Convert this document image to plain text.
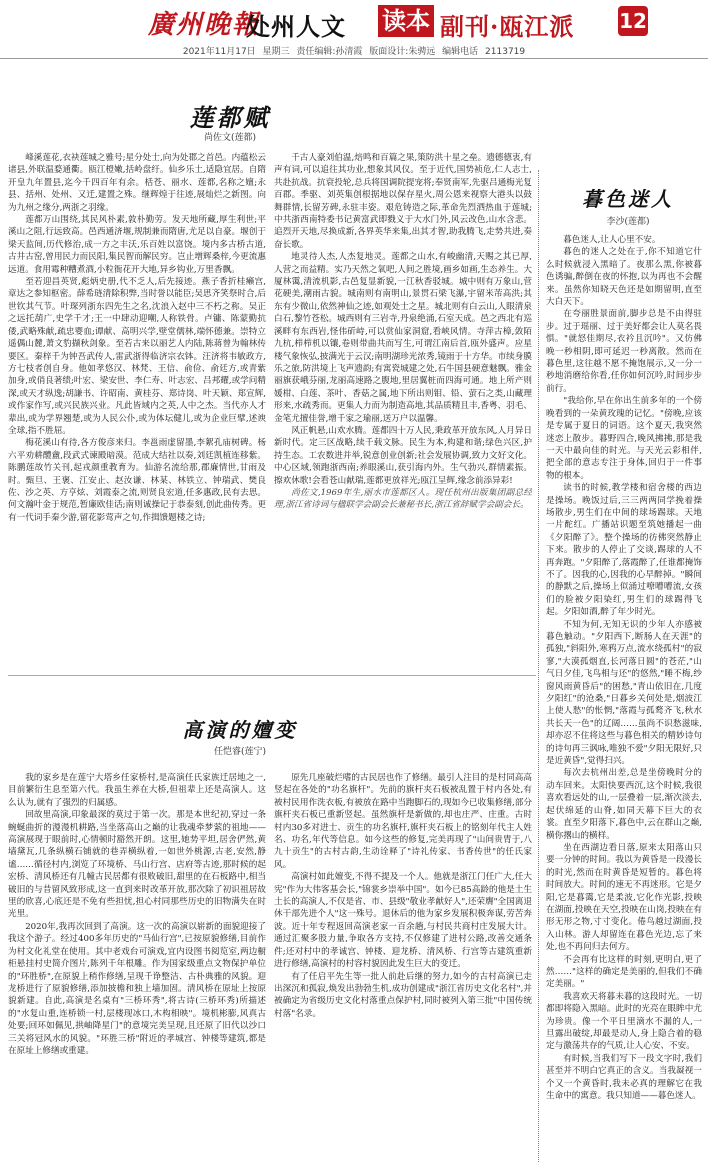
廣州晚報
处州人文 读本 副刊·瓯江派 12
2021年11月17日 星期三 责任编辑:孙清霞 版面设计:朱骋远 编辑电话 2113719
莲都赋
尚佐文(莲都)

峰溪莲花,衣袂莲城之雅号;星分处士,向为处郡之首邑。内蕴松云诸县,外联温婺通衢。瓯江橙嫩,括岭盘纡。仙乡乐土,适隐宜居。自隋开皇九年置县,迄今千四百年有余。栝苍、丽水、莲都,名称之嬗;永县、括州、处州、又迁,建置之殊。继辉煌于往迹,展灿烂之新图。向为九州之缘分,两浙之羽缘。

莲都万山围绕,其民风朴素,敦朴勤劳。发天地所藏,厚生利世;平溪山之阻,行远致高。邑西通济堰,规制兼而隋唐,尤足以自豪。堰创于梁天监间,历代修治,成一方之丰沃,乐百姓以富饶。境内多古桥古道,古井古窑,曾用民力而民阳,集民智而解民穷。岂止增辉桑梓,今更流惠远道。食用霉种糟煮酒,小粒衙花开大地,异乡钩业,万里香飘。

至若迎昌英贤,彪炳史册,代不乏人,后先接迹。燕子香折桂癞宫,章达之参知枢密。薛希琏清除积弊,当时誉以能臣;吴思齐笑祭时合,后世钦其气节。叶琛列浙东四先生之名,沈浪入赵中三不朽之称。吴正之远托葫广,史学千才;王一中肆动迎嘲,人称铁骨。卢镛、陈蒙勤抗倭,武略殊献,疏忠婴血;谭献、高明兴学,壁堂儒林,端怀德兼。崇特立遥偶山麓,萧文豹撷秋剑象。至若古来以丽艺人内陆,陈蒋曾为翰林传要区。秦梓千为钟吾武传人,雷武浙得临济宗衣钵。汪济将韦敏政方,方七枝者创自身。他如孝悠汉、林梵、王信、俞俭、俞廷方,或青紫加身,或俏良著绩;叶宏、梁安世、李仁寿、叶志宏、吕邦耀,或学问精深,或天才纵逸;胡謙书、许昭南、黄桂芬、郑诗岗、叶天颖、郑宣辉,或作家作写,或兴民族兴业。凡此皆域内之英,人中之杰。当代亦人才辈出,或为学界翘楚,或为人民公仆,或为体坛健儿,或为企业巨擘,述谀全球,指不胜屈。

梅花溪山有待,各方俊彦来归。李邕雨虚留墨,李絮孔庙树碑。杨六平劝耕醴盦,段武式谏殿暗漠。范成大结社以奏,刘廷凯植连移紫。陈鹏莲故竹关刊,起戎颜重教育为。仙游名流给那,郡廉情世,甘雨及时。甄旦、王褒、江安止、赵汝谦、林某、林铁立、钟瑞武、樊良佐、沙之英、方亨炫、刘霞泰之流,则贤良宏道,任多惠政,民有去思。何文瀚叶金于规范,暂廉欧佳话;南则诚操记于恭泰刻,创此曲传秀。更有一代词手秦少游,留花影莺声之句,作揖馈题楼之诗;

千古人豪刘伯温,焙鸣和百篇之果,策防洪十星之垒。遗德德衷,有声有词,可以追往其功业,想象其风仪。至于近代,国势祯危,仁人志士,共赴抗战。抗衰投轮,总兵将国调院提宠将;奉贤南军,先驱吕通梅光复百郡。季驱、刘英集创根据地以保存星火,周公恩来视察大港头以鼓舞群情,长留芳碑,永驻丰姿。艰危铸造之际,革命先烈洒热血于莲城;中共浙西南特委书记黄富武即戮义于大水门外,风云改色,山水含悲。追烈开天地,尽换成新,各界英华来集,出其才智,助我腾飞,走势共进,奏奋长歌。

地灵待人杰,人杰复地灵。莲都之山水,有峻幽清,天赐之其已厚,人营之而益精。实乃天然之氧吧,人间之胜境,画乡如画,生态养生。大厦林霭,清流机影,古邑复显新貌,一江秋香驳城。城中则有万象山,营花硬美,潮雨古貌。城南则有南明山,景贯石梁飞瀑,宇留米芾高洪;其东有少微山,依然神仙之迹,如观处士之星。城北则有白云山,人眼清泉白石,黎竹苍松。城西则有三岩寺,丹泉绝涌,石室天成。邑之西北有巡溪畔有东西岩,怪伟斫峙,可以赏仙家洞窟,看峡风情。寺萍古樟,敛陌九杭,栉栉机以镶,卷则带曲共而写生,可谓江南后首,瓯外盛声。应星楼气象恢弘,披满光于云汉;南明湖珍光浓秀,镜雨于十方华。市续身膜乐之旅,防洪境上飞声遗韵;有寓瓷城建之处,石牛国县硬意魅飘。雅金丽旗获峨芬丽,龙丽高速路之腹地,里居翼桩而四海可通。地上所产则媛柑、白莲、茶叶、香菇之属,地下所出则钼、铅、萤石之类,山藏理形来,水疏秀而。更集人力而为制造高地,其品质精且丰,香粤、羽毛、金笔尤擅佳誉,增千家之瑜丽,送万户以温馨。

风正帆悬,山欢水腾。莲都四十万人民,秉政革开放东风,人月异日新时代。定三区战略,续千载文脉。民生为本,构建和谐;绿色兴区,护持生态。工农数进并举,锐意创业创新;社会发展协调,致力文好文化。中心区域,领跑浙西南;养眼溪山,获引海内外。生气勃兴,群情素振。擦欢休歌!会看苍山献瑞,莲都更放祥光;瓯江呈辉,缘念前添异彩!

尚佐文,1969年生,丽水市莲都区人。现任杭州出版集团副总经理,浙江省诗词与楹联学会副会长兼秘书长,浙江省辞赋学会副会长。

暮色迷人
李沙(莲都)

暮色迷人,让人心里不安。

暮色的迷人之处在于,你不知道它什么时候就浸入黑暗了。夜那么黑,你被暮色诱骗,醉倒在夜的怀抱,以为再也不会醒来。虽然你知晓天色还是如期留明,直至大白天下。

在夸丽胜景面前,脚步总是不由得驻步。过于瑶丽、过于美好都会让人莫名畏惧。"就怒佳期尽,衣衿且沉吟"。又仿佛晚一秒相阴,即可延迟一秒离散。然而在暮色里,这往越不愿不掩饱展示,又一分一秒地消磨给你看,任你如何沉吟,时间步步前行。

"我给你,早在你出生前多年的一个傍晚看到的一朵黄玫瑰的记忆。"傍晚,应该是专属于夏日的词语。这个夏天,我突然迷恋上散步。暮野四合,晚风拂拂,那是我一天中最向佳的时光。与天光云彩相伴,把全部的意志专注于身体,回归于一件事物的根本。

读书的时候,教学楼和宿舍楼的西边是操场。晚饭过后,三三两两同学挽着操场散步,男生们在中间的球场踢球。天地一片酡红。广播站识题至筑她播起一曲《夕阳醉了》。整个操场的彷佛突然静止下来。散步的人停止了交谈,踢球的人不再奔跑。"夕阳醉了,落霞醉了,任谁都掩饰不了。因我的心,因我的心早醉掉。"瞬间的静默之后,操场上似涌过嘹嘈嘈流,女孩们的脸被夕阳染红,男生们的球踢得飞起。夕阳如酒,醉了年少时光。

不知为何,无知无识的少年人亦感被暮色触动。"夕阳西下,断肠人在天涯"的孤独,"斜阳外,寒鸦万点,流水绕孤村"的寂寥,"大漠孤烟直,长河落日圆"的苍茫,"山气日夕佳,飞鸟相与还"的悠然,"睡不梅,纱窗风雨黄昏后"的困愁,"青山依旧在,几度夕阳红"的沧桑,"日暮乡关何处是,烟波江上使人愁"的怅惘,"落霞与孤鹜齐飞,秋水共长天一色"的辽阔……虽尚不识愁滋味,却亦忍不住将这些与暮色相关的精妙诗句的诗句再三讽咏,唯独不爱"夕阳无限好,只是近黄昏",觉得扫兴。

每次去杭州出差,总是坐傍晚时分的动车回来。太阳快要西沉,这个时候,我很喜欢看远处的山,一层叠着一层,渐次淡去,起伏绵延的山脊,如同天幕下巨大的衣裳。直至夕阳落下,暮色中,云在群山之巅,横你撂山的横样。

坐在西湖边看日落,原来太阳落山只要一分钟的时间。我以为黄昏是一段漫长的时光,然而在时黄昏是短暂的。暮色将时间放大。时间的速无不再迷形。它是夕阳,它是暮霭,它是柔波,它化作光影,投映在湖面,投映在天空,投映在山岗,投映在有形无形之物,寸寸变化。倦鸟越过湖面,投入山林。游人却留连在暮色光边,忘了来处,也不再问归去何方。

不会再有比这样的时刻,更明白,更了然……"这样的确定是美丽的,但我们不确定美丽。"

我喜欢天将暮未暮的这段时光。一切都即将隐入黑暗。此时的光亮在眼眸中尤为珍贵。像一个平日里滴水不漏的人,一旦露出破绽,却最是动人,身上隐合着的稳定与激荡共存的气质,让人心安、不安。

有时候,当我们写下一段文字时,我们甚至并不明白它真正的含义。当我凝视一个又一个黄昏时,我未必真的理解它在我生命中的寓意。我只知道——暮色迷人。

高演的嬗变
任恺睿(莲宁)

我的家乡是在莲宁大塔乡任家桥村,是高演任氏家族迁居地之一,目前繁衍生息至第六代。我虽生养在大桥,但祖辈上还是高演人。这么认为,就有了强烈的归属感。

回故里高演,印象最深的莫过于第一次。那是本世纪初,穿过一条蜿蜒曲折的漫漫机耕路,当坐落高山之巅的让我魂牵梦萦的祖地——高演展现于眼前时,心情顿时豁然开朗。这里,她势平坦,居舍俨然,黄墙黛瓦,几条纵横石铺就的巷弄横纵着,一如世外桃源,古老,安然,静谧……循径村内,浏览了环境桥、马山行宫、店府等古迹,那时候的起宏桥、清风桥还有几幢古民居都有很败破旧,甜里的在石板路中,相当破旧的与昔留风致形成,这一直到来时改革开放,那次除了初识祖居故里的欣喜,心底还是不免有些担忧,担心村同那些历史的旧物满失在时光里。

2020年,我再次回到了高演。这一次的高演以崭新的面貌迎接了我这个游子。经过400多年历史的"马仙行宫",已按原貌修缮,目前作为村文化礼堂在使用。其中老戏台可演戏,宜内设图书阅览室,两边橱柜悬挂村史简介图片,陈列千年根雕。作为国家级重点文物保护单位的"环胜桥",在原貌上稍作修缮,呈现千诤整洁、古朴典雅的风貌。迎龙桥进行了原貌修缮,添加披檐和独上墙加固。清风桥在原址上按原貌新建。自此,高演是名桌有"三桥环秀",将古诗(三桥环秀)所描述的"水复山重,连桥锁一村,层楼现冰口,木构相映"。境机彬膨,风真古处要;回环如佩见,拱岫降星门"的意境完美呈现,且还原了旧代以沙口三关将冠风水的风貌。"环胜三桥"附近的孝城宫、钟楼等建筑,都是在原址上修缮或重建。

原先几座破烂嗜的古民居也作了修缮。最引人注目的是村同高高竖起在各处的"功名旗杆"。先前的旗杆夹石板被乱置于村内各处,有被村民用作洗衣板,有被放在路中当跑脚石的,现如今已收集修缮,部分旗杆夹石板已重新竖起。虽然旗杆是新做的,却也庄严、庄重。古时村内30多对进士、贡生的功名旗杆,旗杆夹石板上的铭刻年代主人姓名、功名,年代等信息。如今这些的修复,完美再现了"山间贵胄于,八九十贡生"的古村古韵,生动诠释了"诗礼传家、书香传世"的任氏家风。

高演村如此嬗变,不得不提及一个人。他就是浙江门任广大,任大宪"作为大伟客基会长,"锦裳乡崇举中国"。如今已85高龄的他是土生土长的高演人,不仅是省、市、县级"敬业孝献好人",还荣膺"全国离退休干部先进个人"这一殊号。退休后的他为家乡发展积极奔谋,劳苦奔波。近十年专程返回高演老家一百余趟,与村民共商村庄发展大计。通过汇聚多股力量,争取各方支持,不仅修建了进村公路,改善交通条件;还对村中的孝诚宫、钟楼、迎龙桥、清风桥、行宫等古建筑重新进行修缮,高演村的村容村貌因此发生巨大的变迁。

有了任启平先生等一批人前赴后继的努力,如今的古村高演已走出深沉和孤寂,焕发出勃勃生机,成功创建成"浙江省历史文化名村",并被确定为省级历史文化村落重点保护村,同时被列入第三批"中国传统村落"名录。
